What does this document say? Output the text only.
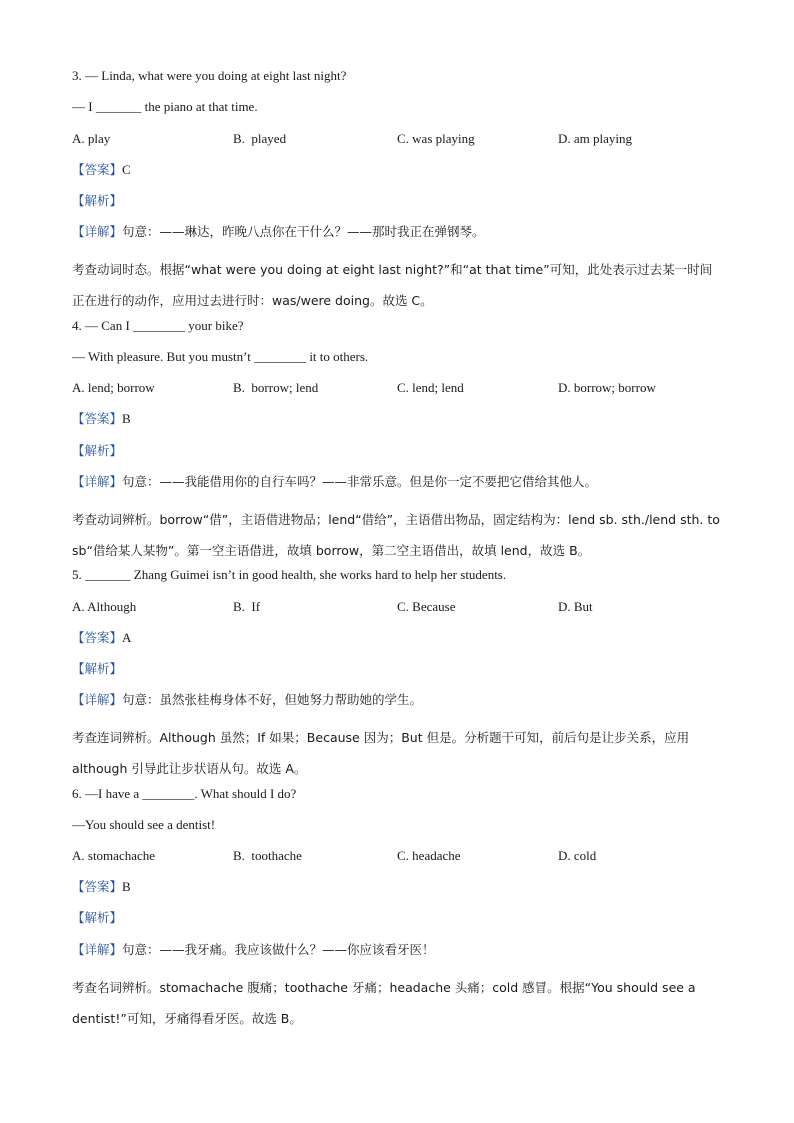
3. — Linda, what were you doing at eight last night?
— I _______ the piano at that time.
A. play	B.  played	C. was playing	D. am playing
【答案】C
【解析】
【详解】句意：——琳达，昨晚八点你在干什么？——那时我正在弹钢琴。
考查动词时态。根据“what were you doing at eight last night?”和“at that time”可知，此处表示过去某一时间正在进行的动作，应用过去进行时：was/were doing。故选 C。
4. — Can I ________ your bike?
— With pleasure. But you mustn’t ________ it to others.
A. lend; borrow	B.  borrow; lend	C. lend; lend	D. borrow; borrow
【答案】B
【解析】
【详解】句意：——我能借用你的自行车吗？——非常乐意。但是你一定不要把它借给其他人。
考查动词辨析。borrow“借”，主语借进物品；lend“借给”，主语借出物品，固定结构为：lend sb. sth./lend sth. to sb“借给某人某物”。第一空主语借进，故填 borrow，第二空主语借出，故填 lend，故选 B。
5. _______ Zhang Guimei isn’t in good health, she works hard to help her students.
A. Although	B.  If	C. Because	D. But
【答案】A
【解析】
【详解】句意：虽然张桂梅身体不好，但她努力帮助她的学生。
考查连词辨析。Although 虽然；If 如果；Because 因为；But 但是。分析题干可知，前后句是让步关系，应用 although 引导此让步状语从句。故选 A。
6. —I have a ________. What should I do?
—You should see a dentist!
A. stomachache	B.  toothache	C. headache	D. cold
【答案】B
【解析】
【详解】句意：——我牙痛。我应该做什么？——你应该看牙医！
考查名词辨析。stomachache 腹痛；toothache 牙痛；headache 头痛；cold 感冒。根据“You should see a dentist!”可知，牙痛得看牙医。故选 B。
